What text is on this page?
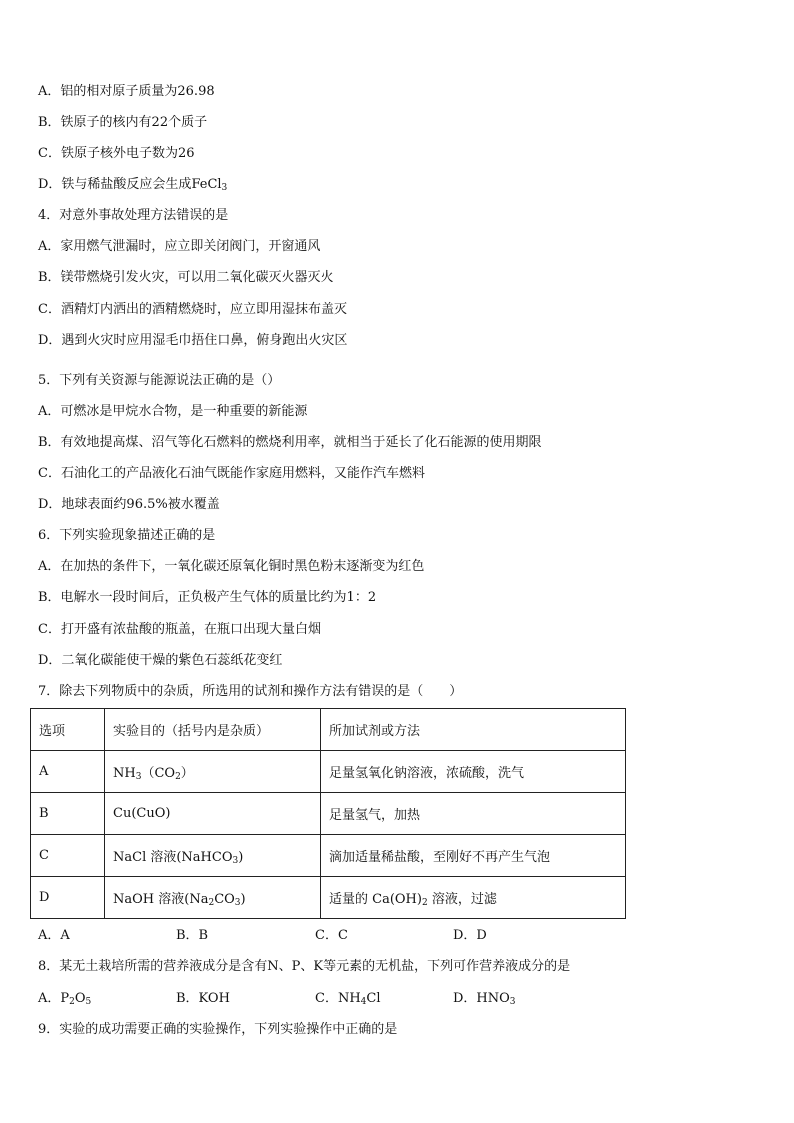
A．铝的相对原子质量为26.98
B．铁原子的核内有22个质子
C．铁原子核外电子数为26
D．铁与稀盐酸反应会生成FeCl$_3$
4．对意外事故处理方法错误的是
A．家用燃气泄漏时，应立即关闭阀门，开窗通风
B．镁带燃烧引发火灾，可以用二氧化碳灭火器灭火
C．酒精灯内洒出的酒精燃烧时，应立即用湿抹布盖灭
D．遇到火灾时应用湿毛巾捂住口鼻，俯身跑出火灾区
5．下列有关资源与能源说法正确的是（）
A．可燃冰是甲烷水合物，是一种重要的新能源
B．有效地提高煤、沼气等化石燃料的燃烧利用率，就相当于延长了化石能源的使用期限
C．石油化工的产品液化石油气既能作家庭用燃料，又能作汽车燃料
D．地球表面约96.5%被水覆盖
6．下列实验现象描述正确的是
A．在加热的条件下，一氧化碳还原氧化铜时黑色粉末逐渐变为红色
B．电解水一段时间后，正负极产生气体的质量比约为1：2
C．打开盛有浓盐酸的瓶盖，在瓶口出现大量白烟
D．二氧化碳能使干燥的紫色石蕊纸花变红
7．除去下列物质中的杂质，所选用的试剂和操作方法有错误的是（　　）
选项	实验目的（括号内是杂质）	所加试剂或方法
A	$NH_3(CO_2)$	足量氢氧化钠溶液，浓硫酸，洗气
B	Cu(CuO)	足量氢气，加热
C	NaCl 溶液(NaHCO$_3$)	滴加适量稀盐酸，至刚好不再产生气泡
D	NaOH 溶液$(Na_2CO_3)$	适量的 $Ca(OH)_2$ 溶液，过滤
A．A	B．B	C．C	D．D
8．某无土栽培所需的营养液成分是含有N、P、K等元素的无机盐，下列可作营养液成分的是
A．$P_2O_5$	B．KOH	C．$NH_4Cl$	D．$HNO_3$
9．实验的成功需要正确的实验操作，下列实验操作中正确的是
